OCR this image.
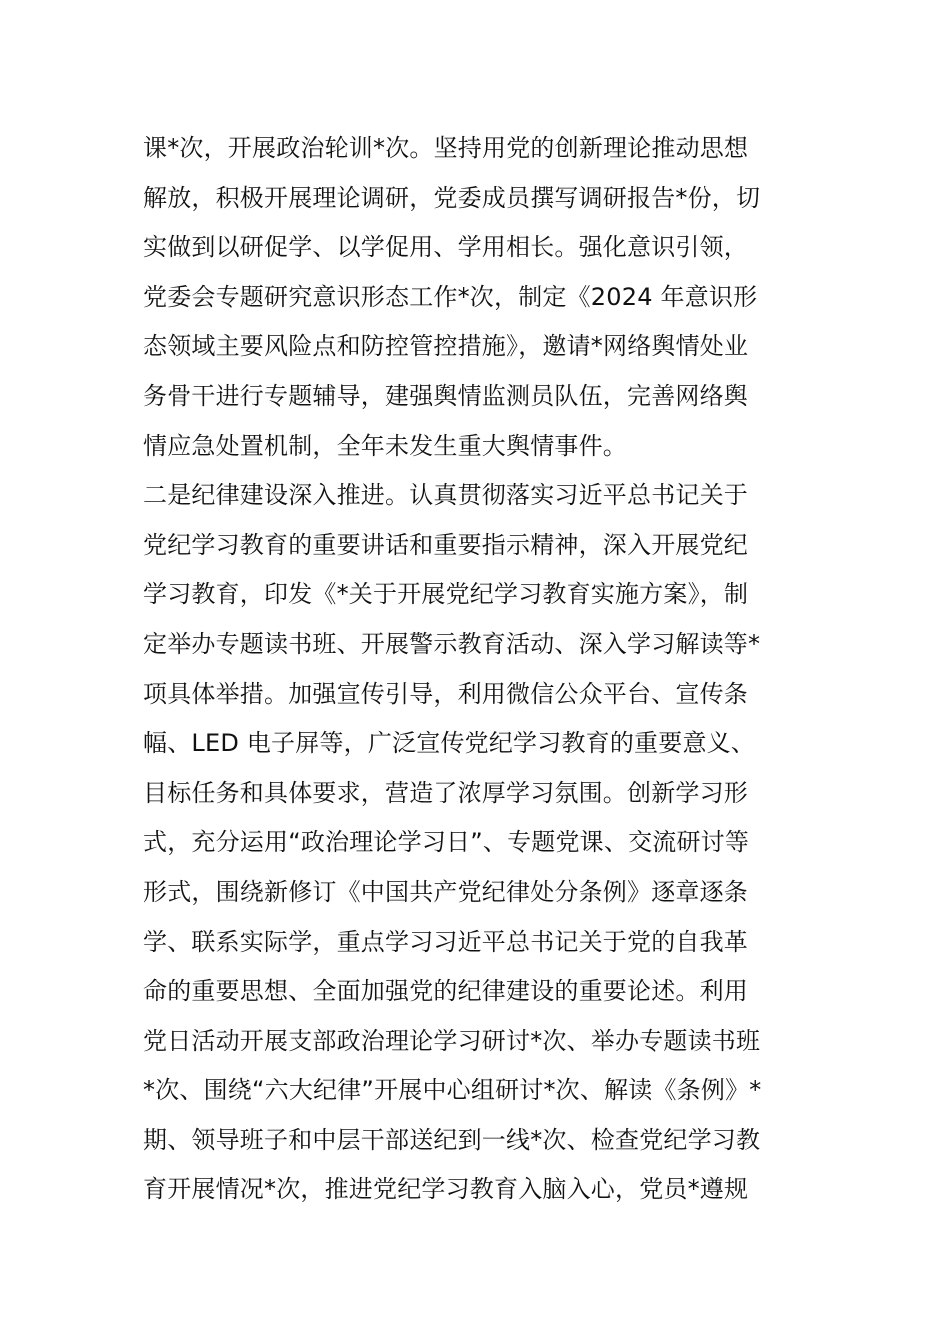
课*次，开展政治轮训*次。坚持用党的创新理论推动思想
解放，积极开展理论调研，党委成员撰写调研报告*份，切
实做到以研促学、以学促用、学用相长。强化意识引领，
党委会专题研究意识形态工作*次，制定《2024 年意识形
态领域主要风险点和防控管控措施》，邀请*网络舆情处业
务骨干进行专题辅导，建强舆情监测员队伍，完善网络舆
情应急处置机制，全年未发生重大舆情事件。
二是纪律建设深入推进。认真贯彻落实习近平总书记关于
党纪学习教育的重要讲话和重要指示精神，深入开展党纪
学习教育，印发《*关于开展党纪学习教育实施方案》，制
定举办专题读书班、开展警示教育活动、深入学习解读等*
项具体举措。加强宣传引导，利用微信公众平台、宣传条
幅、LED 电子屏等，广泛宣传党纪学习教育的重要意义、
目标任务和具体要求，营造了浓厚学习氛围。创新学习形
式，充分运用“政治理论学习日”、专题党课、交流研讨等
形式，围绕新修订《中国共产党纪律处分条例》逐章逐条
学、联系实际学，重点学习习近平总书记关于党的自我革
命的重要思想、全面加强党的纪律建设的重要论述。利用
党日活动开展支部政治理论学习研讨*次、举办专题读书班
*次、围绕“六大纪律”开展中心组研讨*次、解读《条例》*
期、领导班子和中层干部送纪到一线*次、检查党纪学习教
育开展情况*次，推进党纪学习教育入脑入心，党员*遵规
